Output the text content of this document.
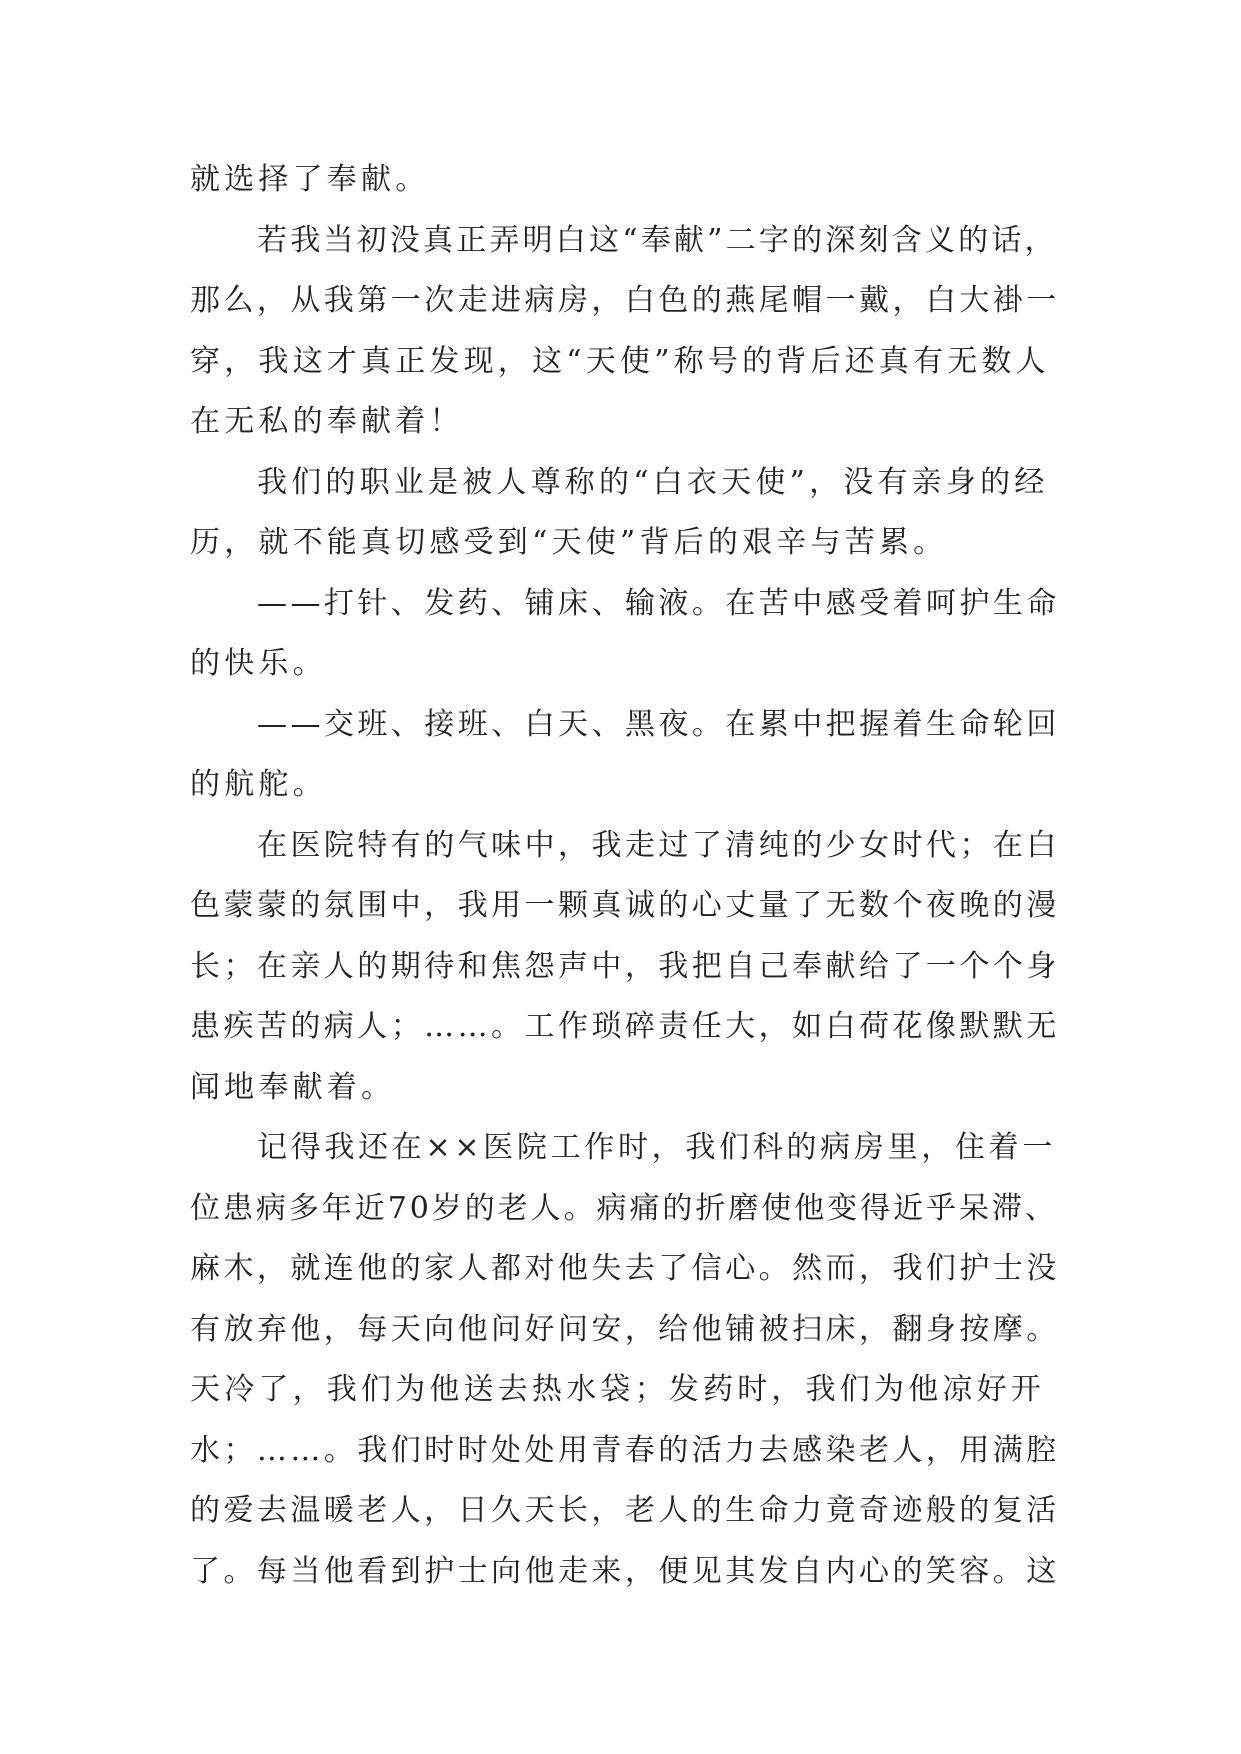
就选择了奉献。
若我当初没真正弄明白这“奉献”二字的深刻含义的话，
那么，从我第一次走进病房，白色的燕尾帽一戴，白大褂一
穿，我这才真正发现，这“天使”称号的背后还真有无数人
在无私的奉献着！
我们的职业是被人尊称的“白衣天使”，没有亲身的经
历，就不能真切感受到“天使”背后的艰辛与苦累。
——打针、发药、铺床、输液。在苦中感受着呵护生命
的快乐。
——交班、接班、白天、黑夜。在累中把握着生命轮回
的航舵。
在医院特有的气味中，我走过了清纯的少女时代；在白
色蒙蒙的氛围中，我用一颗真诚的心丈量了无数个夜晚的漫
长；在亲人的期待和焦怨声中，我把自己奉献给了一个个身
患疾苦的病人；……。工作琐碎责任大，如白荷花像默默无
闻地奉献着。
记得我还在××医院工作时，我们科的病房里，住着一
位患病多年近70岁的老人。病痛的折磨使他变得近乎呆滞、
麻木，就连他的家人都对他失去了信心。然而，我们护士没
有放弃他，每天向他问好问安，给他铺被扫床，翻身按摩。
天冷了，我们为他送去热水袋；发药时，我们为他凉好开
水；……。我们时时处处用青春的活力去感染老人，用满腔
的爱去温暖老人，日久天长，老人的生命力竟奇迹般的复活
了。每当他看到护士向他走来，便见其发自内心的笑容。这
